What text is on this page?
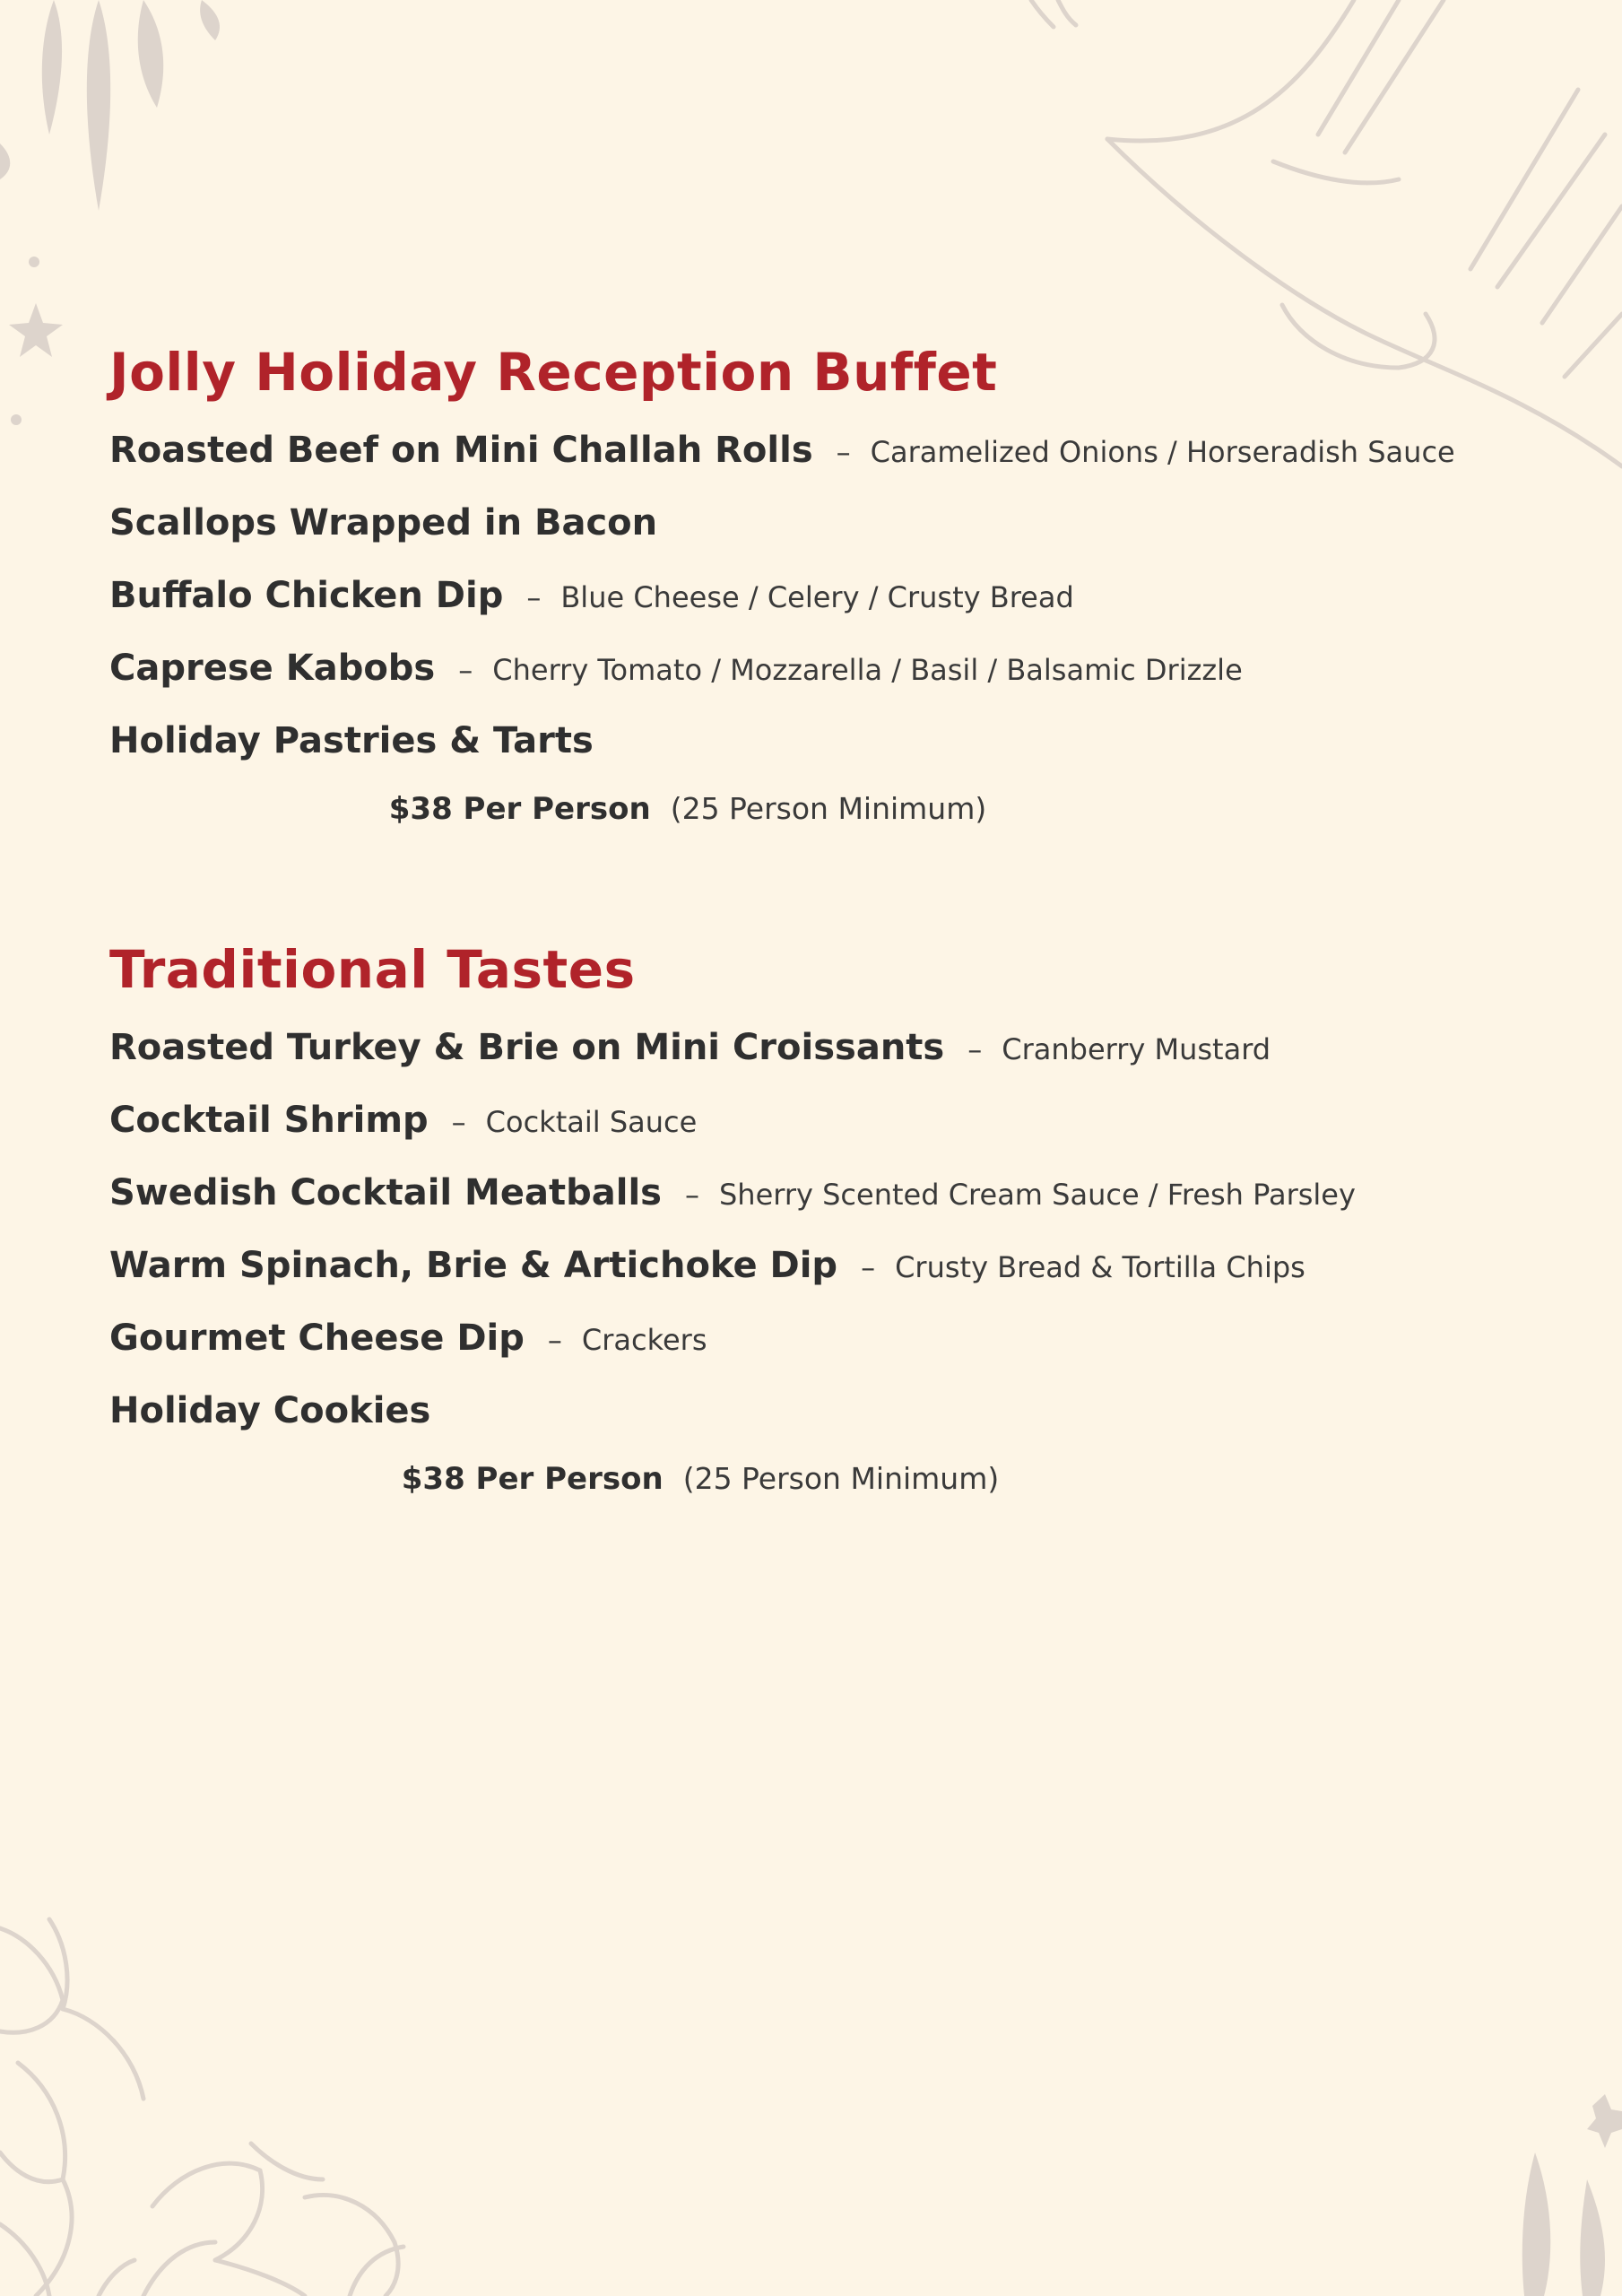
Jolly Holiday Reception Buffet
Roasted Beef on Mini Challah Rolls – Caramelized Onions / Horseradish Sauce
Scallops Wrapped in Bacon
Buffalo Chicken Dip – Blue Cheese / Celery / Crusty Bread
Caprese Kabobs – Cherry Tomato / Mozzarella / Basil / Balsamic Drizzle
Holiday Pastries & Tarts
$38 Per Person (25 Person Minimum)
Traditional Tastes
Roasted Turkey & Brie on Mini Croissants – Cranberry Mustard
Cocktail Shrimp – Cocktail Sauce
Swedish Cocktail Meatballs – Sherry Scented Cream Sauce / Fresh Parsley
Warm Spinach, Brie & Artichoke Dip – Crusty Bread & Tortilla Chips
Gourmet Cheese Dip – Crackers
Holiday Cookies
$38 Per Person (25 Person Minimum)
